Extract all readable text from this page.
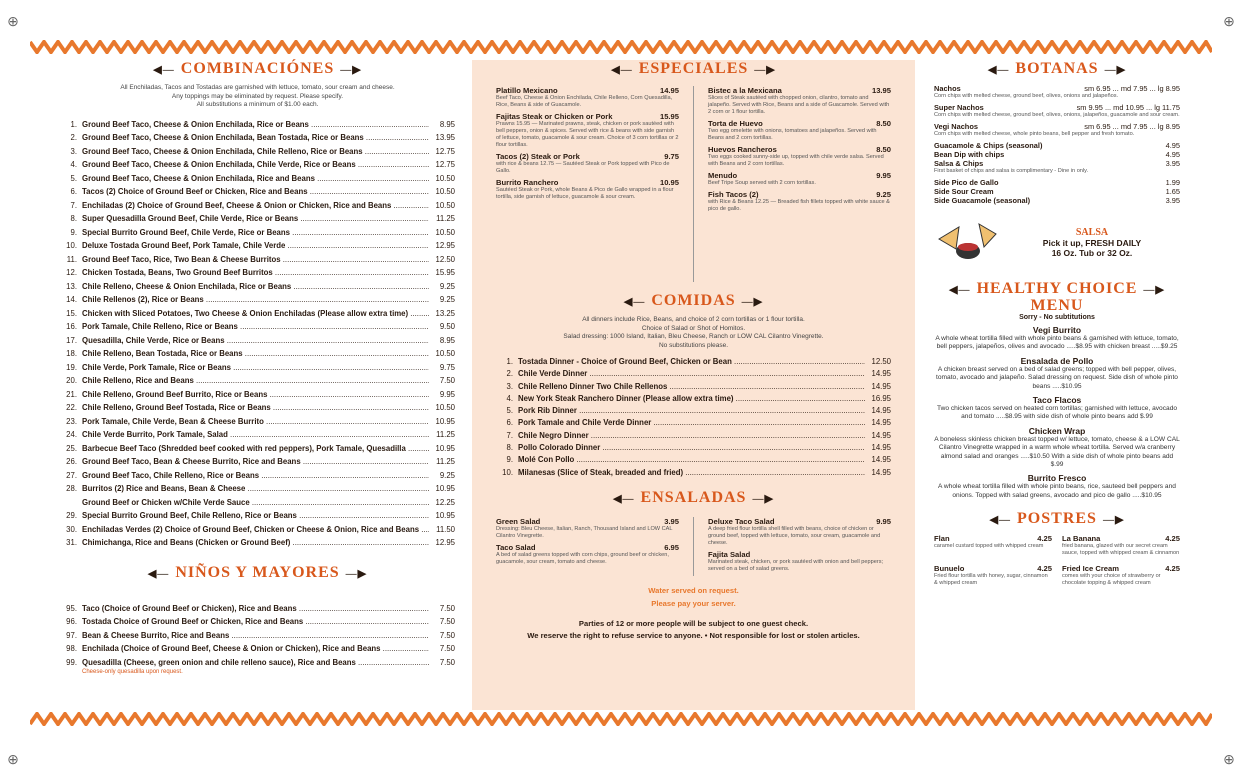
⊕	⊕
⊕	⊕
◀— COMBINACIÓNES —▶
All Enchiladas, Tacos and Tostadas are garnished with lettuce, tomato, sour cream and cheese.
Any toppings may be eliminated by request. Please specify.
All substitutions a minimum of $1.00 each.
1. Ground Beef Taco, Cheese & Onion Enchilada, Rice or Beans .....	8.95
2. Ground Beef Taco, Cheese & Onion Enchilada, Bean Tostada, Rice or Beans .....	13.95
3. Ground Beef Taco, Cheese & Onion Enchilada, Chile Relleno, Rice or Beans .....	12.75
4. Ground Beef Taco, Cheese & Onion Enchilada, Chile Verde, Rice or Beans .....	12.75
5. Ground Beef Taco, Cheese & Onion Enchilada, Rice and Beans .....	10.50
6. Tacos (2) Choice of Ground Beef or Chicken, Rice and Beans .....	10.50
7. Enchiladas (2) Choice of Ground Beef, Cheese & Onion or Chicken, Rice and Beans .....	10.50
8. Super Quesadilla Ground Beef, Chile Verde, Rice or Beans .....	11.25
9. Special Burrito Ground Beef, Chile Verde, Rice or Beans .....	10.50
10. Deluxe Tostada Ground Beef, Pork Tamale, Chile Verde .....	12.95
11. Ground Beef Taco, Rice, Two Bean & Cheese Burritos .....	12.50
12. Chicken Tostada, Beans, Two Ground Beef Burritos .....	15.95
13. Chile Relleno, Cheese & Onion Enchilada, Rice or Beans .....	9.25
14. Chile Rellenos (2), Rice or Beans .....	9.25
15. Chicken with Sliced Potatoes, Two Cheese & Onion Enchiladas (Please allow extra time) .....	13.25
16. Pork Tamale, Chile Relleno, Rice or Beans .....	9.50
17. Quesadilla, Chile Verde, Rice or Beans .....	8.95
18. Chile Relleno, Bean Tostada, Rice or Beans .....	10.50
19. Chile Verde, Pork Tamale, Rice or Beans .....	9.75
20. Chile Relleno, Rice and Beans .....	7.50
21. Chile Relleno, Ground Beef Burrito, Rice or Beans .....	9.95
22. Chile Relleno, Ground Beef Tostada, Rice or Beans .....	10.50
23. Pork Tamale, Chile Verde, Bean & Cheese Burrito .....	10.95
24. Chile Verde Burrito, Pork Tamale, Salad .....	11.25
25. Barbecue Beef Taco (Shredded beef cooked with red peppers), Pork Tamale, Quesadilla .....	10.95
26. Ground Beef Taco, Bean & Cheese Burrito, Rice and Beans .....	11.25
27. Ground Beef Taco, Chile Relleno, Rice or Beans .....	9.25
28. Burritos (2) Rice and Beans, Bean & Cheese .....	10.95
Ground Beef or Chicken w/Chile Verde Sauce .....	12.25
29. Special Burrito Ground Beef, Chile Relleno, Rice or Beans .....	10.95
30. Enchiladas Verdes (2) Choice of Ground Beef, Chicken or Cheese & Onion, Rice and Beans .....	11.50
31. Chimichanga, Rice and Beans (Chicken or Ground Beef) .....	12.95
◀— NIÑOS Y MAYORES —▶
95. Taco (Choice of Ground Beef or Chicken), Rice and Beans .....	7.50
96. Tostada Choice of Ground Beef or Chicken, Rice and Beans .....	7.50
97. Bean & Cheese Burrito, Rice and Beans .....	7.50
98. Enchilada (Choice of Ground Beef, Cheese & Onion or Chicken), Rice and Beans .....	7.50
99. Quesadilla (Cheese, green onion and chile relleno sauce), Rice and Beans .....	7.50
Cheese-only quesadilla upon request.
◀— ESPECIALES —▶
Platillo Mexicano	14.95
Beef Taco, Cheese & Onion Enchilada, Chile Relleno, Corn Quesadilla, Rice, Beans & side of Guacamole.
Fajitas Steak or Chicken or Pork	15.95
Prawns 15.95 — Marinated prawns, steak, chicken or pork sautéed with bell peppers, onion & spices. Served with rice & beans with side garnish of lettuce, tomato, guacamole & sour cream. Choice of 3 corn tortillas or 2 flour tortillas.
Tacos (2) Steak or Pork	9.75
with rice & beans 12.75 — Sautéed Steak or Pork topped with Pico de Gallo.
Burrito Ranchero	10.95
Sautéed Steak or Pork, whole Beans & Pico de Gallo wrapped in a flour tortilla, side garnish of lettuce, guacamole & sour cream.
Bistec a la Mexicana	13.95
Slices of Steak sautéed with chopped onion, cilantro, tomato and jalapeño. Served with Rice, Beans and a side of Guacamole. Served with 2 corn or 1 flour tortilla.
Torta de Huevo	8.50
Two egg omelette with onions, tomatoes and jalapeños. Served with Beans and 2 corn tortillas.
Huevos Rancheros	8.50
Two eggs cooked sunny-side up, topped with chile verde salsa. Served with Beans and 2 corn tortillas.
Menudo	9.95
Beef Tripe Soup served with 2 corn tortillas.
Fish Tacos (2)	9.25
with Rice & Beans 12.25 — Breaded fish fillets topped with white sauce & pico de gallo.
◀— COMIDAS —▶
All dinners include Rice, Beans, and choice of 2 corn tortillas or 1 flour tortilla.
Choice of Salad or Shot of Homitos.
Salad dressing: 1000 Island, Italian, Bleu Cheese, Ranch or LOW CAL Cilantro Vinegrette.
No substitutions please.
1. Tostada Dinner - Choice of Ground Beef, Chicken or Bean .....	12.50
2. Chile Verde Dinner .....	14.95
3. Chile Relleno Dinner Two Chile Rellenos .....	14.95
4. New York Steak Ranchero Dinner (Please allow extra time) .....	16.95
5. Pork Rib Dinner .....	14.95
6. Pork Tamale and Chile Verde Dinner .....	14.95
7. Chile Negro Dinner .....	14.95
8. Pollo Colorado Dinner .....	14.95
9. Molé Con Pollo .....	14.95
10. Milanesas (Slice of Steak, breaded and fried) .....	14.95
◀— ENSALADAS —▶
Green Salad	3.95
Dressing: Bleu Cheese, Italian, Ranch, Thousand Island and LOW CAL Cilantro Vinegrette.
Taco Salad	6.95
A bed of salad greens topped with corn chips, ground beef or chicken, guacamole, sour cream, tomato and cheese.
Deluxe Taco Salad	9.95
A deep fried flour tortilla shell filled with beans, choice of chicken or ground beef, topped with lettuce, tomato, sour cream, guacamole and cheese.
Fajita Salad
Marinated steak, chicken, or pork sautéed with onion and bell peppers; served on a bed of salad greens.
Water served on request.
Please pay your server.
Parties of 12 or more people will be subject to one guest check.
We reserve the right to refuse service to anyone. • Not responsible for lost or stolen articles.
◀— BOTANAS —▶
Nachos	sm 6.95 ... md 7.95 ... lg 8.95
Corn chips with melted cheese, ground beef, olives, onions and jalapeños.
Super Nachos	sm 9.95 ... md 10.95 ... lg 11.75
Corn chips with melted cheese, ground beef, olives, onions, jalapeños, guacamole and sour cream.
Vegi Nachos	sm 6.95 ... md 7.95 ... lg 8.95
Corn chips with melted cheese, whole pinto beans, bell pepper and fresh tomato.
Guacamole & Chips (seasonal)	4.95
Bean Dip with chips	4.95
Salsa & Chips	3.95
First basket of chips and salsa is complimentary - Dine in only.
Side Pico de Gallo	1.99
Side Sour Cream	1.65
Side Guacamole (seasonal)	3.95
SALSA
Pick it up, FRESH DAILY
16 Oz. Tub or 32 Oz.
◀— HEALTHY CHOICE —▶
MENU
Sorry - No subtitutions
Vegi Burrito
A whole wheat tortilla filled with whole pinto beans & garnished with lettuce, tomato, bell peppers, jalapeños, olives and avocado .....$8.95 with chicken breast .....$9.25
Ensalada de Pollo
A chicken breast served on a bed of salad greens; topped with bell pepper, olives, tomato, avocado and jalapeño. Salad dressing on request. Side dish of whole pinto beans .....$10.95
Taco Flacos
Two chicken tacos served on heated corn tortillas; garnished with lettuce, avocado and tomato .....$8.95 with side dish of whole pinto beans add $.99
Chicken Wrap
A boneless skinless chicken breast topped w/ lettuce, tomato, cheese & a LOW CAL Cilantro Vinegrette wrapped in a warm whole wheat tortilla. Served w/a cranberry almond salad and oranges .....$10.50 With a side dish of whole pinto beans add $.99
Burrito Fresco
A whole wheat tortilla filled with whole pinto beans, rice, sauteed bell peppers and onions. Topped with salad greens, avocado and pico de gallo .....$10.95
◀— POSTRES —▶
Flan	4.25
caramel custard topped with whipped cream
La Banana	4.25
fried banana, glazed with our secret cream sauce, topped with whipped cream & cinnamon
Bunuelo	4.25
Fried flour tortilla with honey, sugar, cinnamon & whipped cream
Fried Ice Cream	4.25
comes with your choice of strawberry or chocolate topping & whipped cream
